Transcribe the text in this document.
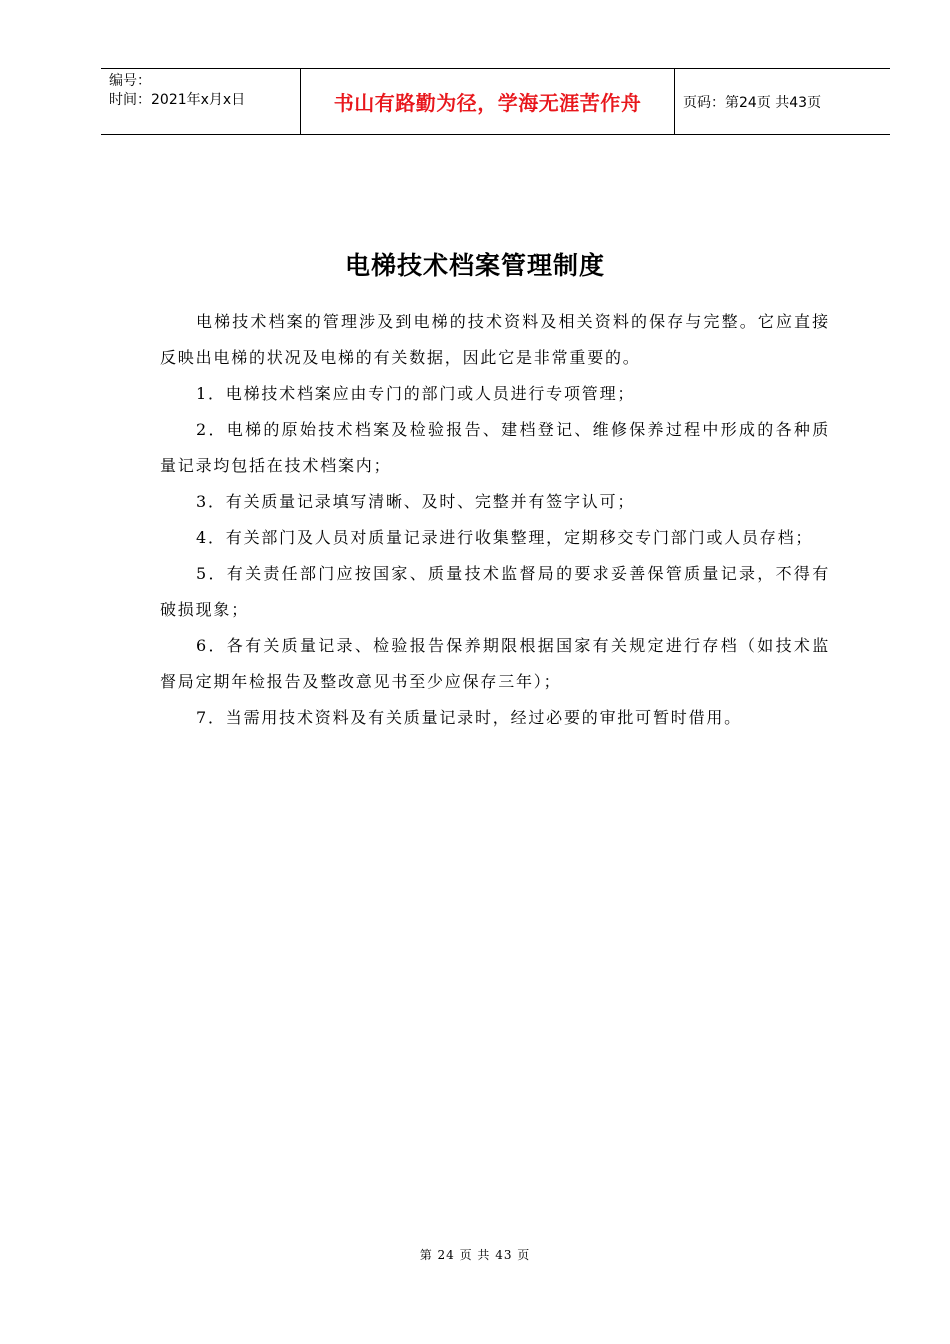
编号：
时间：2021年x月x日	书山有路勤为径，学海无涯苦作舟	页码：第24页 共43页
电梯技术档案管理制度

电梯技术档案的管理涉及到电梯的技术资料及相关资料的保存与完整。它应直接反映出电梯的状况及电梯的有关数据，因此它是非常重要的。

1．电梯技术档案应由专门的部门或人员进行专项管理；

2．电梯的原始技术档案及检验报告、建档登记、维修保养过程中形成的各种质量记录均包括在技术档案内；

3．有关质量记录填写清晰、及时、完整并有签字认可；

4．有关部门及人员对质量记录进行收集整理，定期移交专门部门或人员存档；

5．有关责任部门应按国家、质量技术监督局的要求妥善保管质量记录，不得有破损现象；

6．各有关质量记录、检验报告保养期限根据国家有关规定进行存档（如技术监督局定期年检报告及整改意见书至少应保存三年）；

7．当需用技术资料及有关质量记录时，经过必要的审批可暂时借用。

第 24 页 共 43 页
